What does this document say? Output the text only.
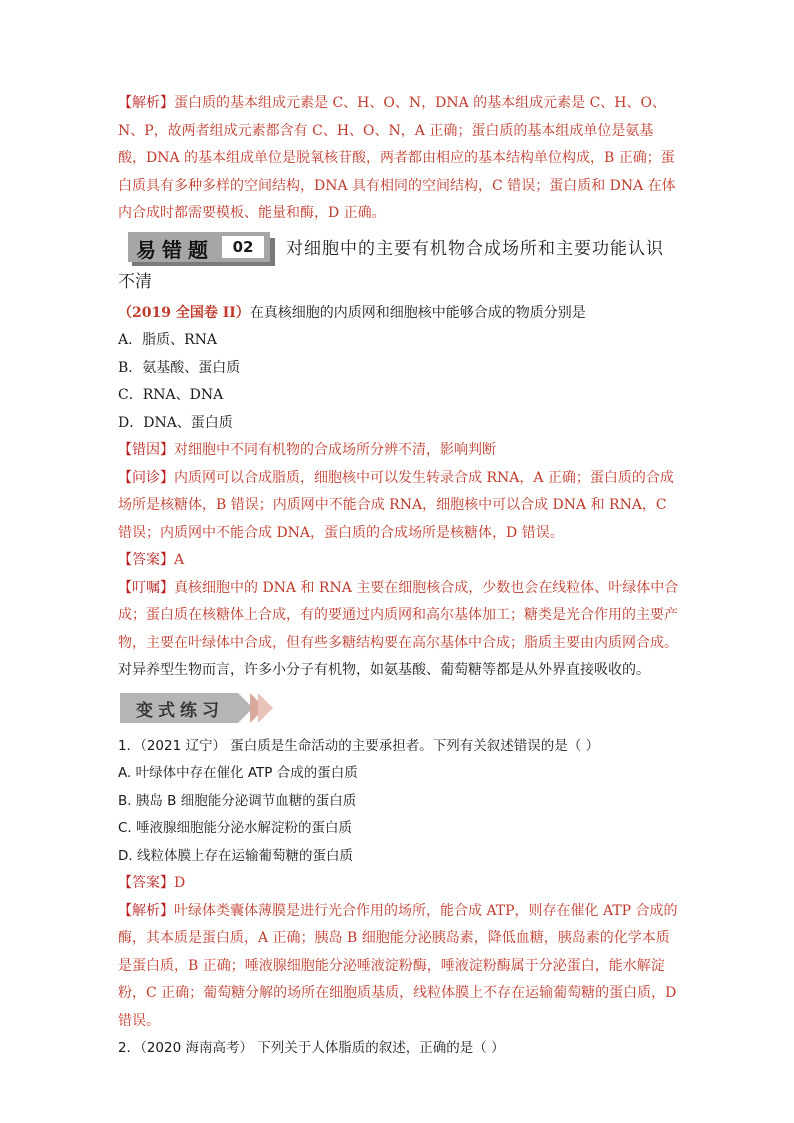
【解析】蛋白质的基本组成元素是 C、H、O、N，DNA 的基本组成元素是 C、H、O、N、P，故两者组成元素都含有 C、H、O、N，A 正确；蛋白质的基本组成单位是氨基酸，DNA 的基本组成单位是脱氧核苷酸，两者都由相应的基本结构单位构成，B 正确；蛋白质具有多种多样的空间结构，DNA 具有相同的空间结构，C 错误；蛋白质和 DNA 在体内合成时都需要模板、能量和酶，D 正确。

易错题	02	对细胞中的主要有机物合成场所和主要功能认识

不清

（2019 全国卷 II）在真核细胞的内质网和细胞核中能够合成的物质分别是

A．脂质、RNA

B．氨基酸、蛋白质

C．RNA、DNA

D．DNA、蛋白质

【错因】对细胞中不同有机物的合成场所分辨不清，影响判断

【问诊】内质网可以合成脂质，细胞核中可以发生转录合成 RNA，A 正确；蛋白质的合成场所是核糖体，B 错误；内质网中不能合成 RNA，细胞核中可以合成 DNA 和 RNA，C 错误；内质网中不能合成 DNA，蛋白质的合成场所是核糖体，D 错误。

【答案】A

【叮嘱】真核细胞中的 DNA 和 RNA 主要在细胞核合成，少数也会在线粒体、叶绿体中合成；蛋白质在核糖体上合成，有的要通过内质网和高尔基体加工；糖类是光合作用的主要产物，主要在叶绿体中合成，但有些多糖结构要在高尔基体中合成；脂质主要由内质网合成。对异养型生物而言，许多小分子有机物，如氨基酸、葡萄糖等都是从外界直接吸收的。

变式练习

1．（2021 辽宁） 蛋白质是生命活动的主要承担者。下列有关叙述错误的是（ ）

A. 叶绿体中存在催化 ATP 合成的蛋白质

B. 胰岛 B 细胞能分泌调节血糖的蛋白质

C. 唾液腺细胞能分泌水解淀粉的蛋白质

D. 线粒体膜上存在运输葡萄糖的蛋白质

【答案】D

【解析】叶绿体类囊体薄膜是进行光合作用的场所，能合成 ATP，则存在催化 ATP 合成的酶，其本质是蛋白质，A 正确；胰岛 B 细胞能分泌胰岛素，降低血糖，胰岛素的化学本质是蛋白质，B 正确；唾液腺细胞能分泌唾液淀粉酶，唾液淀粉酶属于分泌蛋白，能水解淀粉，C 正确；葡萄糖分解的场所在细胞质基质，线粒体膜上不存在运输葡萄糖的蛋白质，D 错误。

2．（2020 海南高考） 下列关于人体脂质的叙述，正确的是（ ）
